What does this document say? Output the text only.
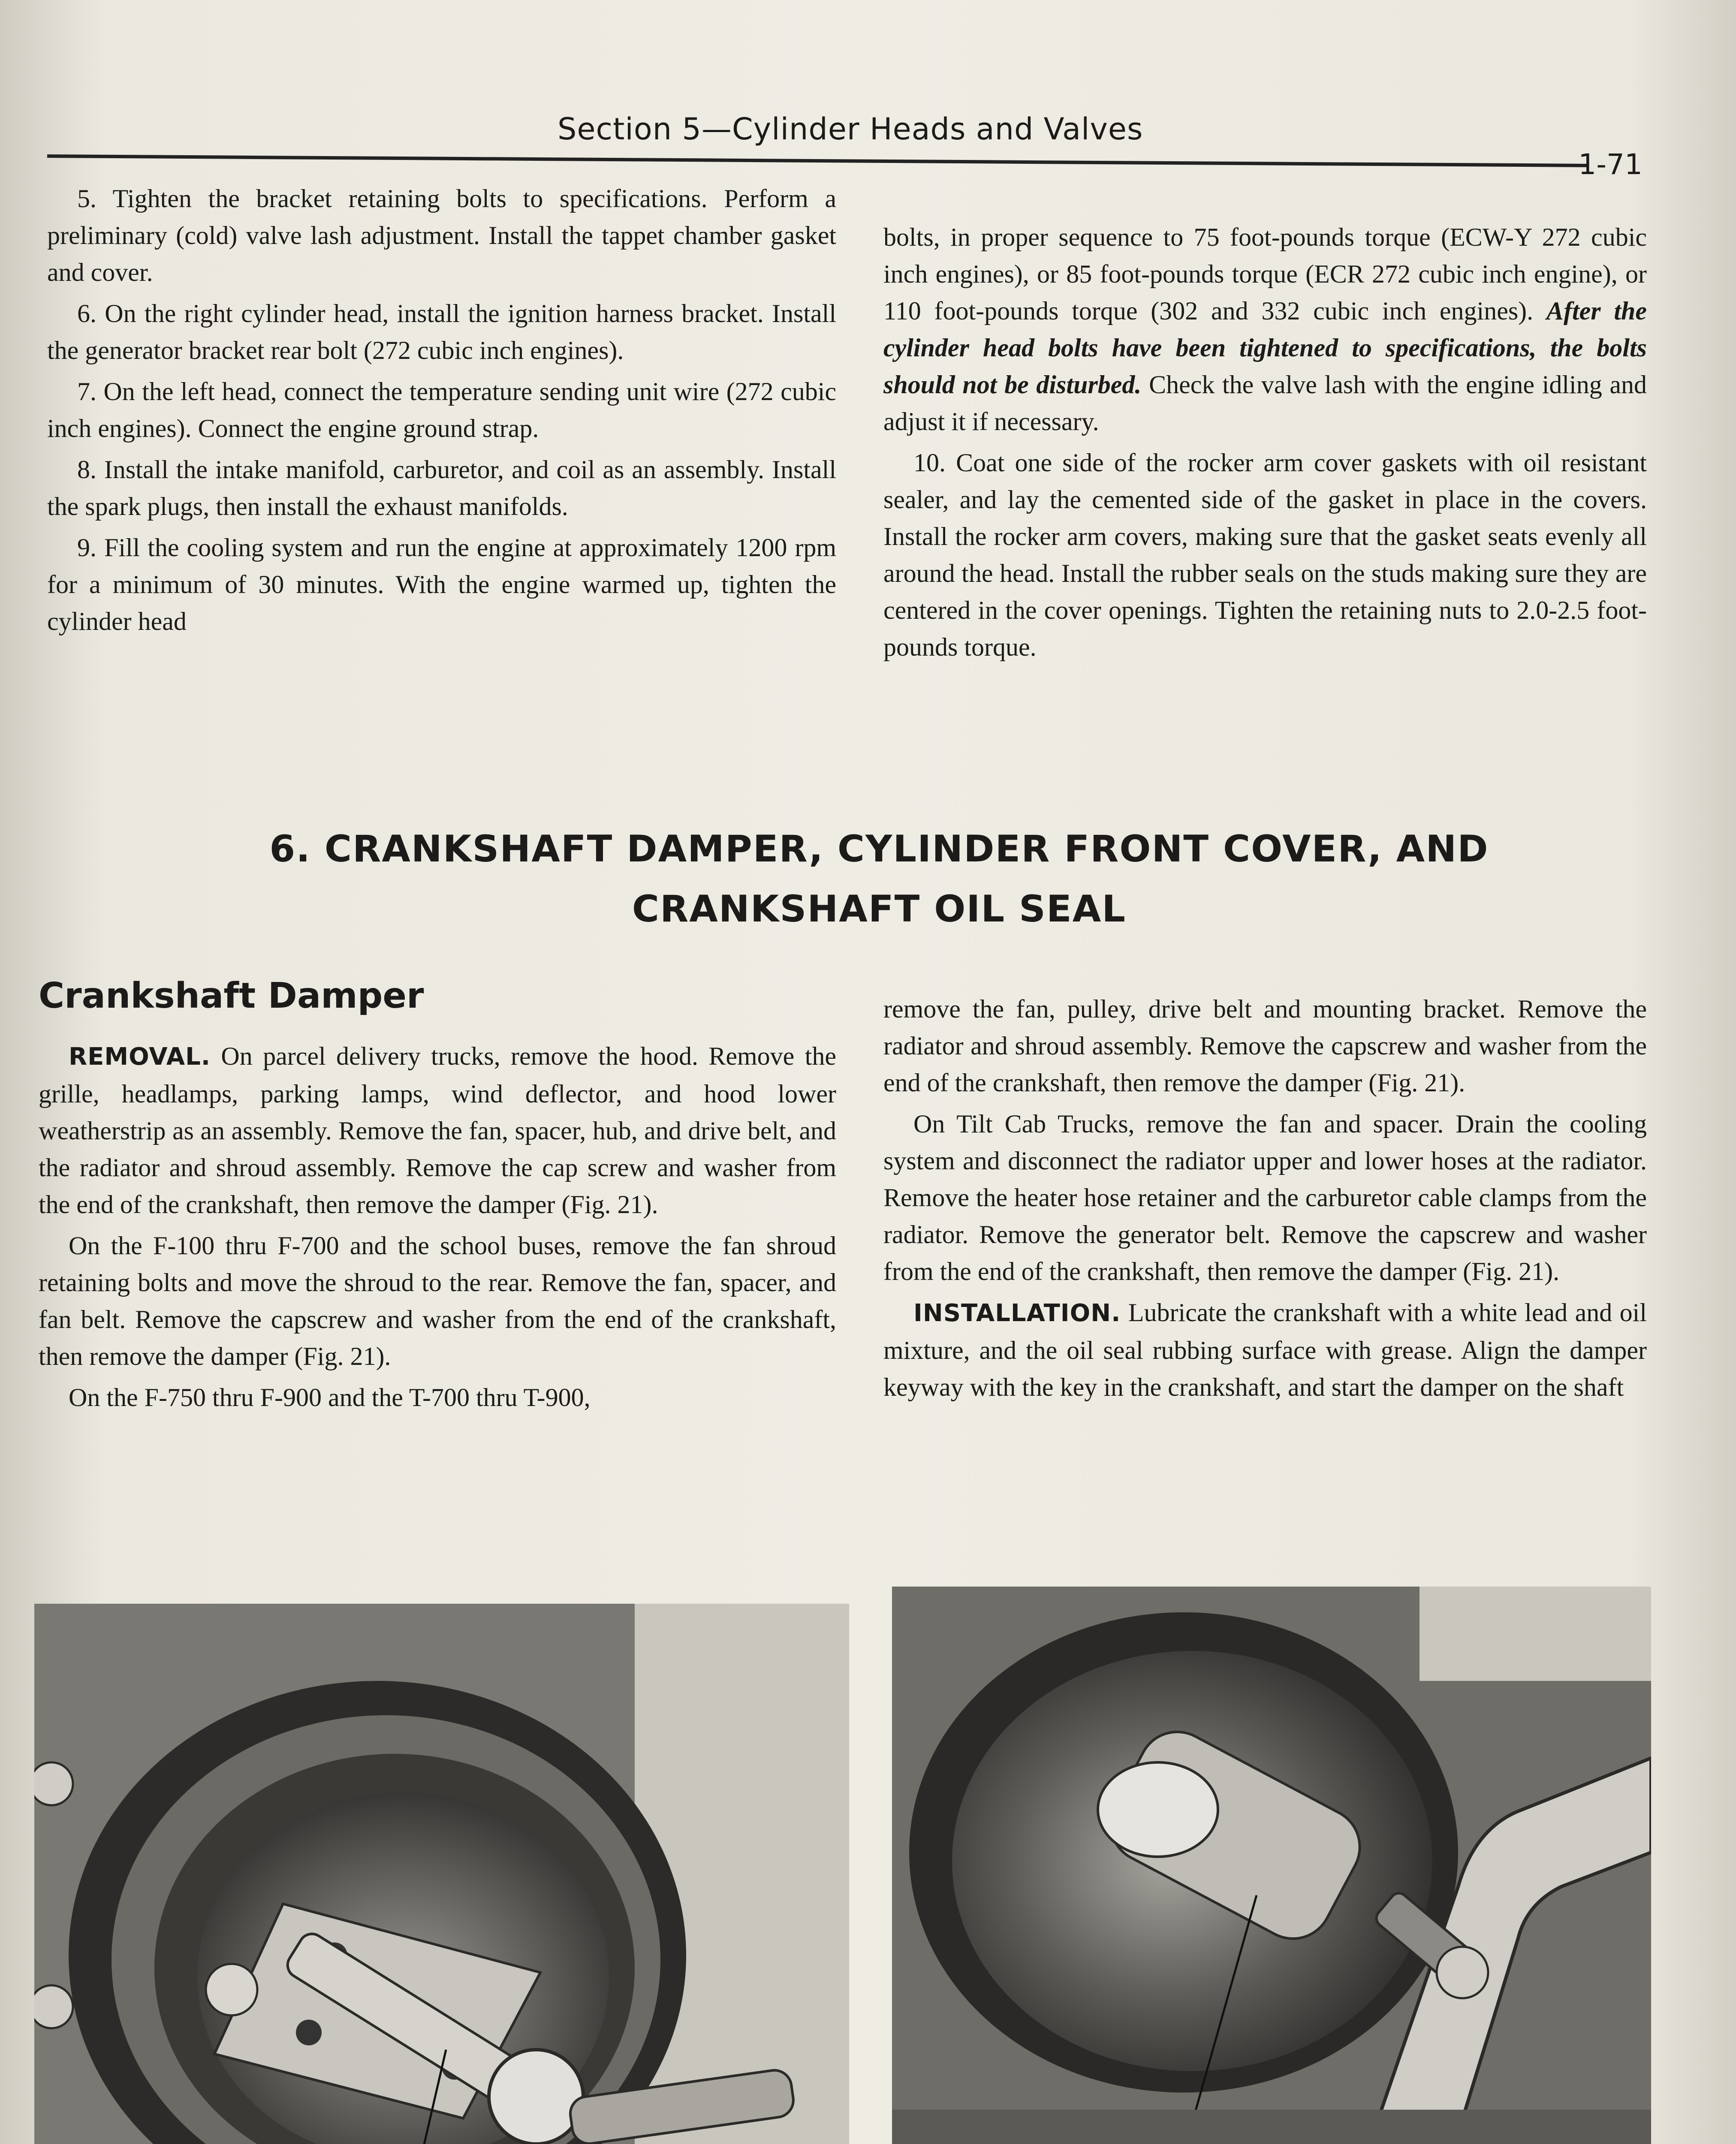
Section 5—Cylinder Heads and Valves
1-71

5. Tighten the bracket retaining bolts to specifications. Perform a preliminary (cold) valve lash adjustment. Install the tappet chamber gasket and cover.

6. On the right cylinder head, install the ignition harness bracket. Install the generator bracket rear bolt (272 cubic inch engines).

7. On the left head, connect the temperature sending unit wire (272 cubic inch engines). Connect the engine ground strap.

8. Install the intake manifold, carburetor, and coil as an assembly. Install the spark plugs, then install the exhaust manifolds.

9. Fill the cooling system and run the engine at approximately 1200 rpm for a minimum of 30 minutes. With the engine warmed up, tighten the cylinder head

bolts, in proper sequence to 75 foot-pounds torque (ECW-Y 272 cubic inch engines), or 85 foot-pounds torque (ECR 272 cubic inch engine), or 110 foot-pounds torque (302 and 332 cubic inch engines). After the cylinder head bolts have been tightened to specifications, the bolts should not be disturbed. Check the valve lash with the engine idling and adjust it if necessary.

10. Coat one side of the rocker arm cover gaskets with oil resistant sealer, and lay the cemented side of the gasket in place in the covers. Install the rocker arm covers, making sure that the gasket seats evenly all around the head. Install the rubber seals on the studs making sure they are centered in the cover openings. Tighten the retaining nuts to 2.0-2.5 foot-pounds torque.

6. CRANKSHAFT DAMPER, CYLINDER FRONT COVER, AND
CRANKSHAFT OIL SEAL
Crankshaft Damper

REMOVAL. On parcel delivery trucks, remove the hood. Remove the grille, headlamps, parking lamps, wind deflector, and hood lower weatherstrip as an assembly. Remove the fan, spacer, hub, and drive belt, and the radiator and shroud assembly. Remove the cap screw and washer from the end of the crankshaft, then remove the damper (Fig. 21).

On the F-100 thru F-700 and the school buses, remove the fan shroud retaining bolts and move the shroud to the rear. Remove the fan, spacer, and fan belt. Remove the capscrew and washer from the end of the crankshaft, then remove the damper (Fig. 21).

On the F-750 thru F-900 and the T-700 thru T-900,

remove the fan, pulley, drive belt and mounting bracket. Remove the radiator and shroud assembly. Remove the capscrew and washer from the end of the crankshaft, then remove the damper (Fig. 21).

On Tilt Cab Trucks, remove the fan and spacer. Drain the cooling system and disconnect the radiator upper and lower hoses at the radiator. Remove the heater hose retainer and the carburetor cable clamps from the radiator. Remove the generator belt. Remove the capscrew and washer from the end of the crankshaft, then remove the damper (Fig. 21).

INSTALLATION. Lubricate the crankshaft with a white lead and oil mixture, and the oil seal rubbing surface with grease. Align the damper keyway with the key in the crankshaft, and start the damper on the shaft
